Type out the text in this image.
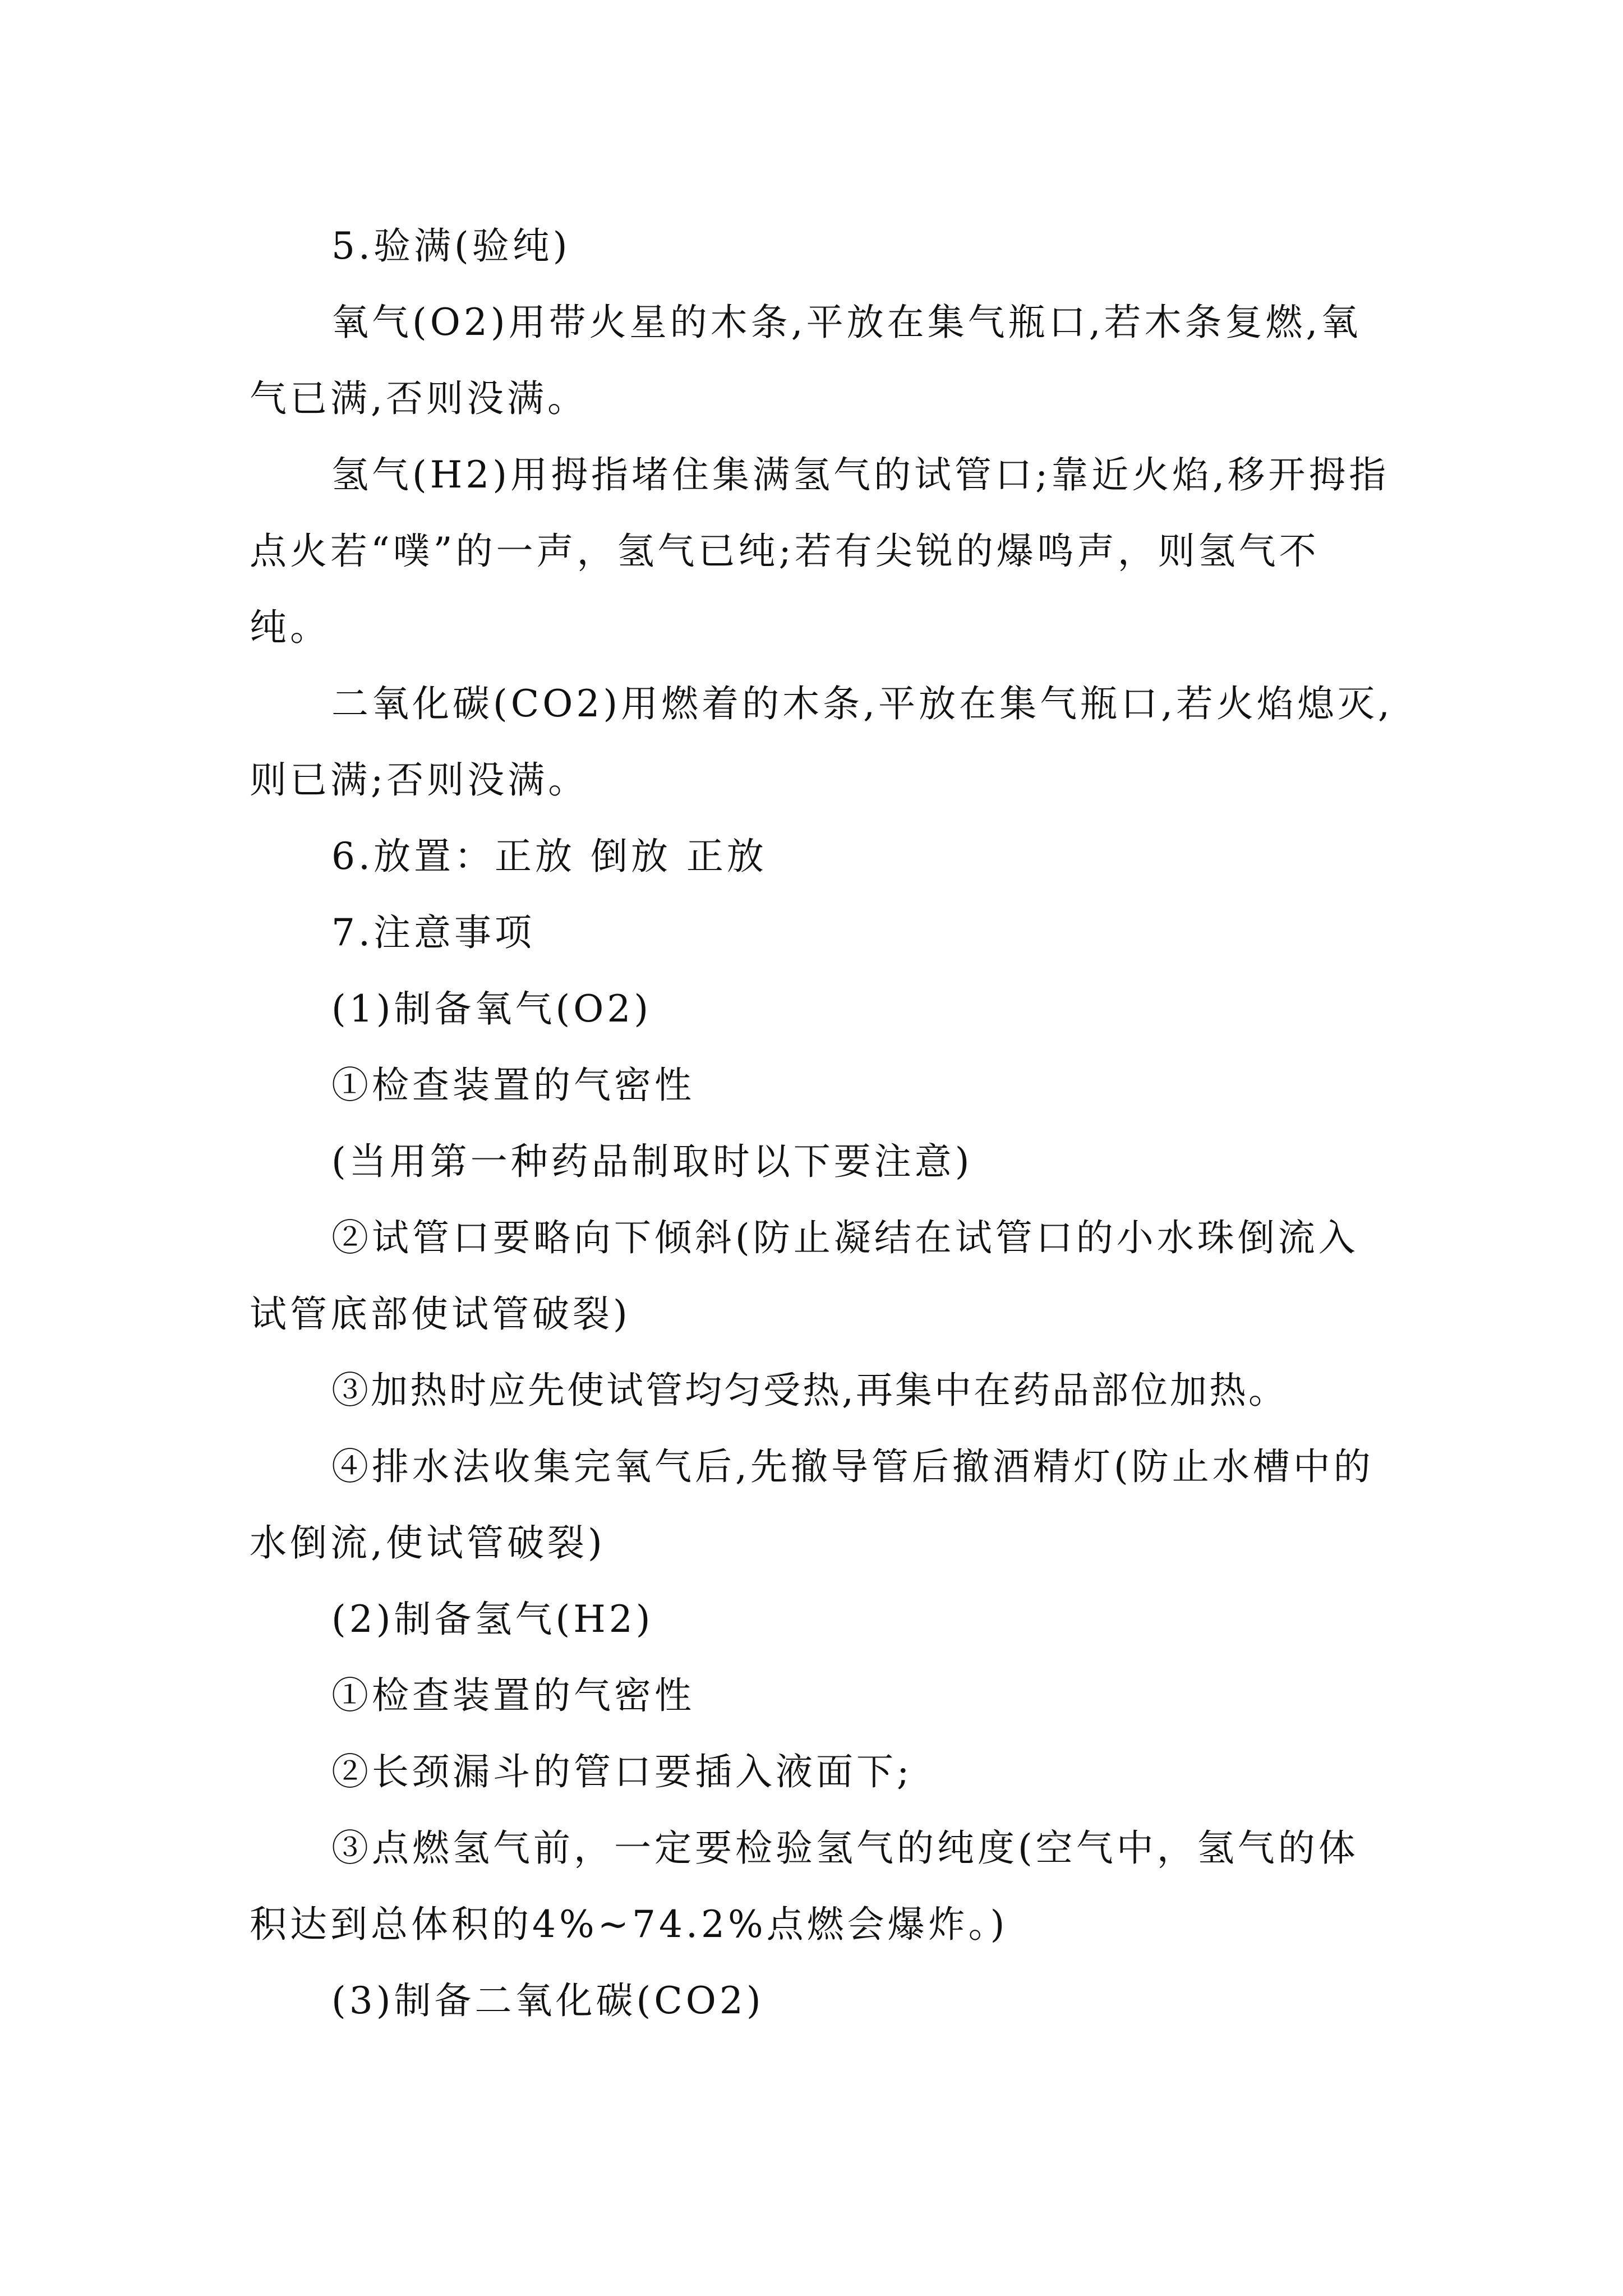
5.验满(验纯)

氧气(O2)用带火星的木条,平放在集气瓶口,若木条复燃,氧气已满,否则没满。

氢气(H2)用拇指堵住集满氢气的试管口;靠近火焰,移开拇指点火若“噗”的一声，氢气已纯;若有尖锐的爆鸣声，则氢气不纯。

二氧化碳(CO2)用燃着的木条,平放在集气瓶口,若火焰熄灭,则已满;否则没满。

6.放置：正放 倒放 正放

7.注意事项

(1)制备氧气(O2)

①检查装置的气密性

(当用第一种药品制取时以下要注意)

②试管口要略向下倾斜(防止凝结在试管口的小水珠倒流入试管底部使试管破裂)

③加热时应先使试管均匀受热,再集中在药品部位加热。

④排水法收集完氧气后,先撤导管后撤酒精灯(防止水槽中的水倒流,使试管破裂)

(2)制备氢气(H2)

①检查装置的气密性

②长颈漏斗的管口要插入液面下;

③点燃氢气前，一定要检验氢气的纯度(空气中，氢气的体积达到总体积的4%~74.2%点燃会爆炸。)

(3)制备二氧化碳(CO2)
